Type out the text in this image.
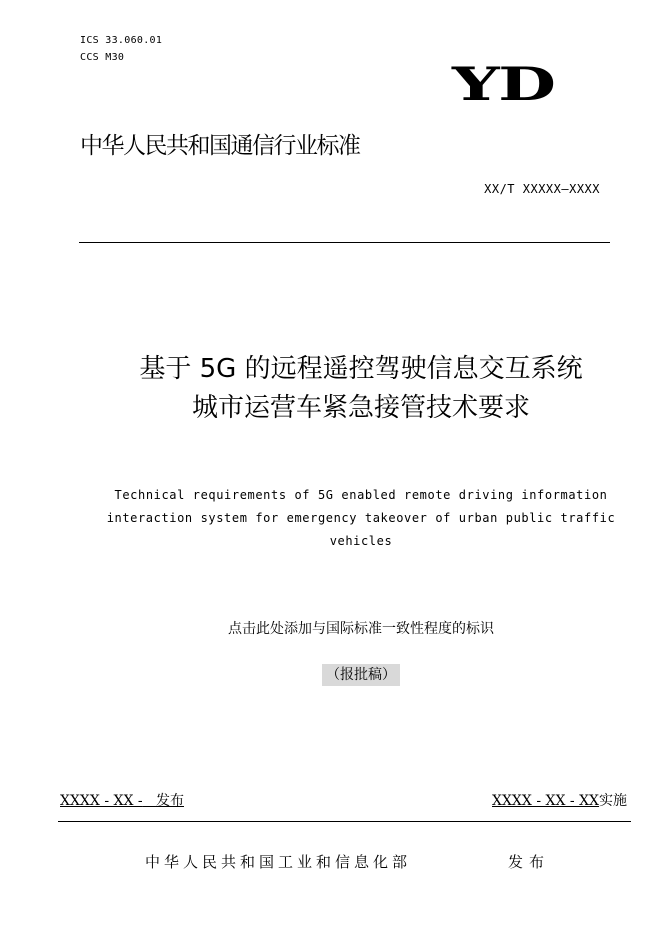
ICS 33.060.01
CCS M30	YD
中华人民共和国通信行业标准
XX/T XXXXX—XXXX
基于 5G 的远程遥控驾驶信息交互系统
城市运营车紧急接管技术要求
Technical requirements of 5G enabled remote driving information
interaction system for emergency takeover of urban public traffic
vehicles
点击此处添加与国际标准一致性程度的标识
（报批稿）
XXXX - XX - 发布	XXXX - XX - XX实施
中华人民共和国工业和信息化部	发布
